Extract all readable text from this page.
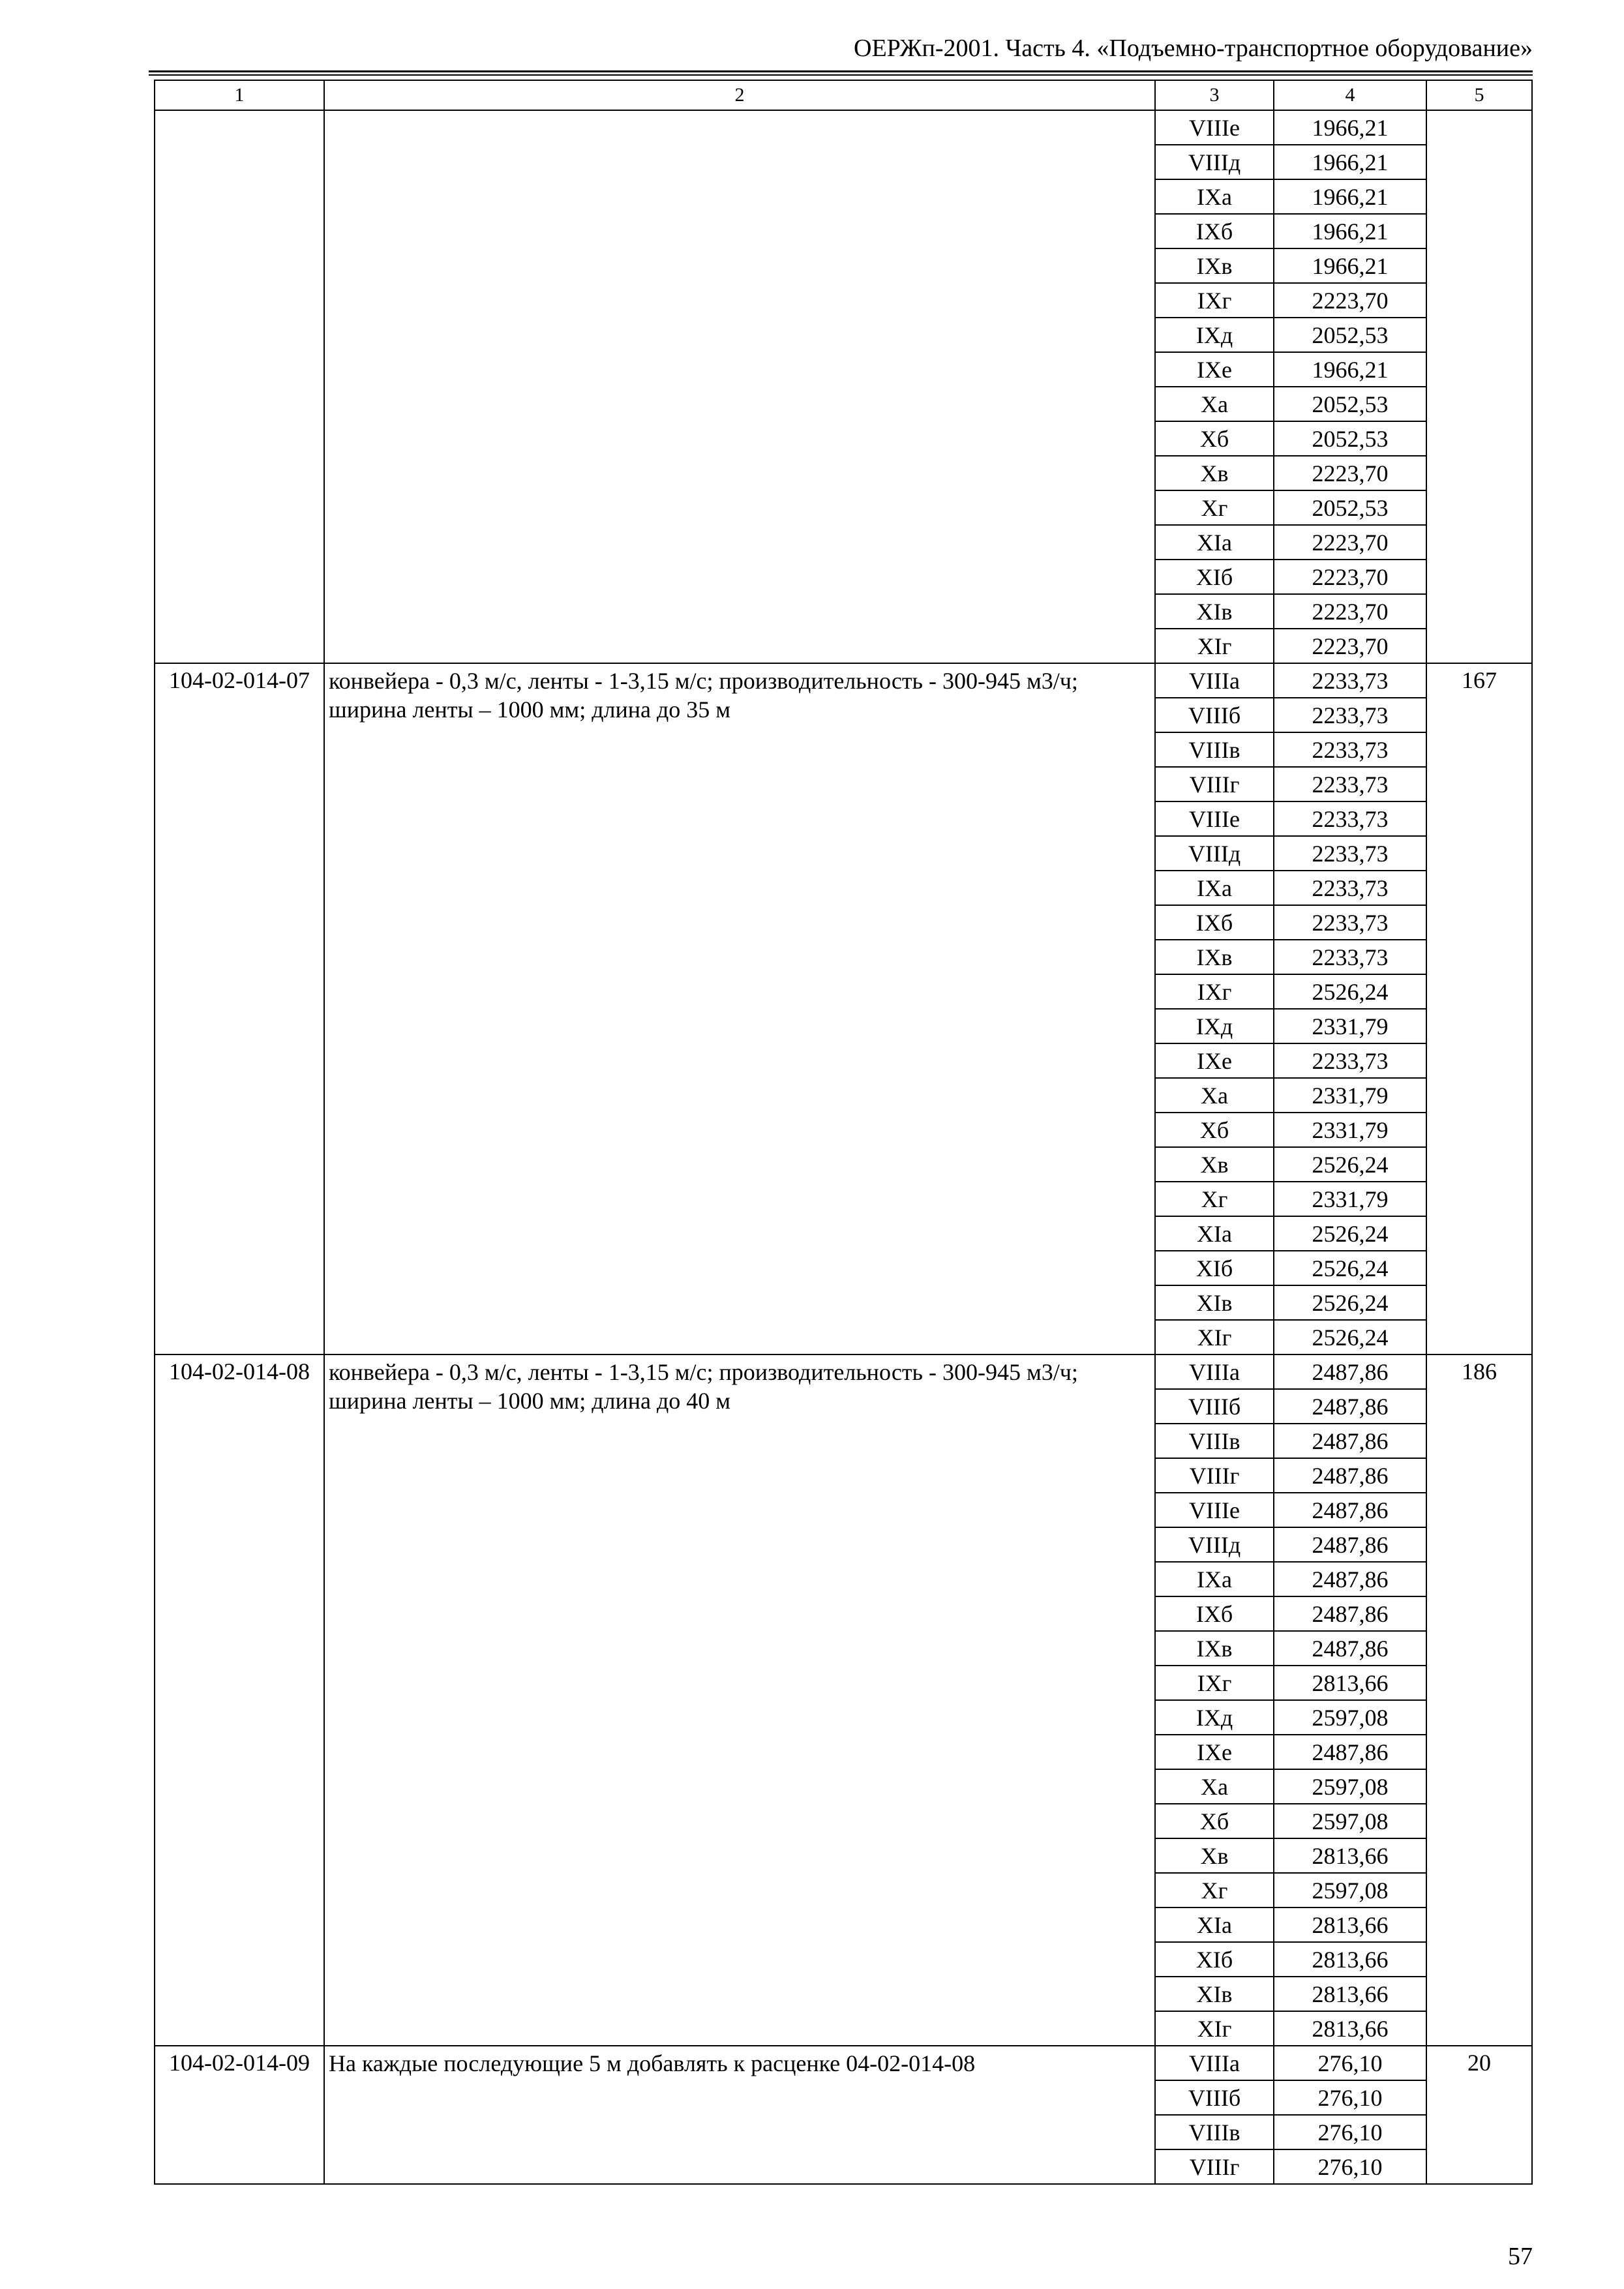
ОЕРЖп-2001. Часть 4. «Подъемно-транспортное оборудование»
1	2	3	4	5
		VIIIе	1966,21	
		VIIIд	1966,21	
		IXа	1966,21	
		IXб	1966,21	
		IXв	1966,21	
		IXг	2223,70	
		IXд	2052,53	
		IXе	1966,21	
		Xа	2052,53	
		Xб	2052,53	
		Xв	2223,70	
		Xг	2052,53	
		XIа	2223,70	
		XIб	2223,70	
		XIв	2223,70	
		XIг	2223,70	
104-02-014-07	конвейера - 0,3 м/с, ленты - 1-3,15 м/с; производительность - 300-945 м3/ч; ширина ленты – 1000 мм; длина до 35 м	VIIIа	2233,73	167
		VIIIб	2233,73	
		VIIIв	2233,73	
		VIIIг	2233,73	
		VIIIе	2233,73	
		VIIIд	2233,73	
		IXа	2233,73	
		IXб	2233,73	
		IXв	2233,73	
		IXг	2526,24	
		IXд	2331,79	
		IXе	2233,73	
		Xа	2331,79	
		Xб	2331,79	
		Xв	2526,24	
		Xг	2331,79	
		XIа	2526,24	
		XIб	2526,24	
		XIв	2526,24	
		XIг	2526,24	
104-02-014-08	конвейера - 0,3 м/с, ленты - 1-3,15 м/с; производительность - 300-945 м3/ч; ширина ленты – 1000 мм; длина до 40 м	VIIIа	2487,86	186
		VIIIб	2487,86	
		VIIIв	2487,86	
		VIIIг	2487,86	
		VIIIе	2487,86	
		VIIIд	2487,86	
		IXа	2487,86	
		IXб	2487,86	
		IXв	2487,86	
		IXг	2813,66	
		IXд	2597,08	
		IXе	2487,86	
		Xа	2597,08	
		Xб	2597,08	
		Xв	2813,66	
		Xг	2597,08	
		XIа	2813,66	
		XIб	2813,66	
		XIв	2813,66	
		XIг	2813,66	
104-02-014-09	На каждые последующие 5 м добавлять к расценке 04-02-014-08	VIIIа	276,10	20
		VIIIб	276,10	
		VIIIв	276,10	
		VIIIг	276,10	
57
